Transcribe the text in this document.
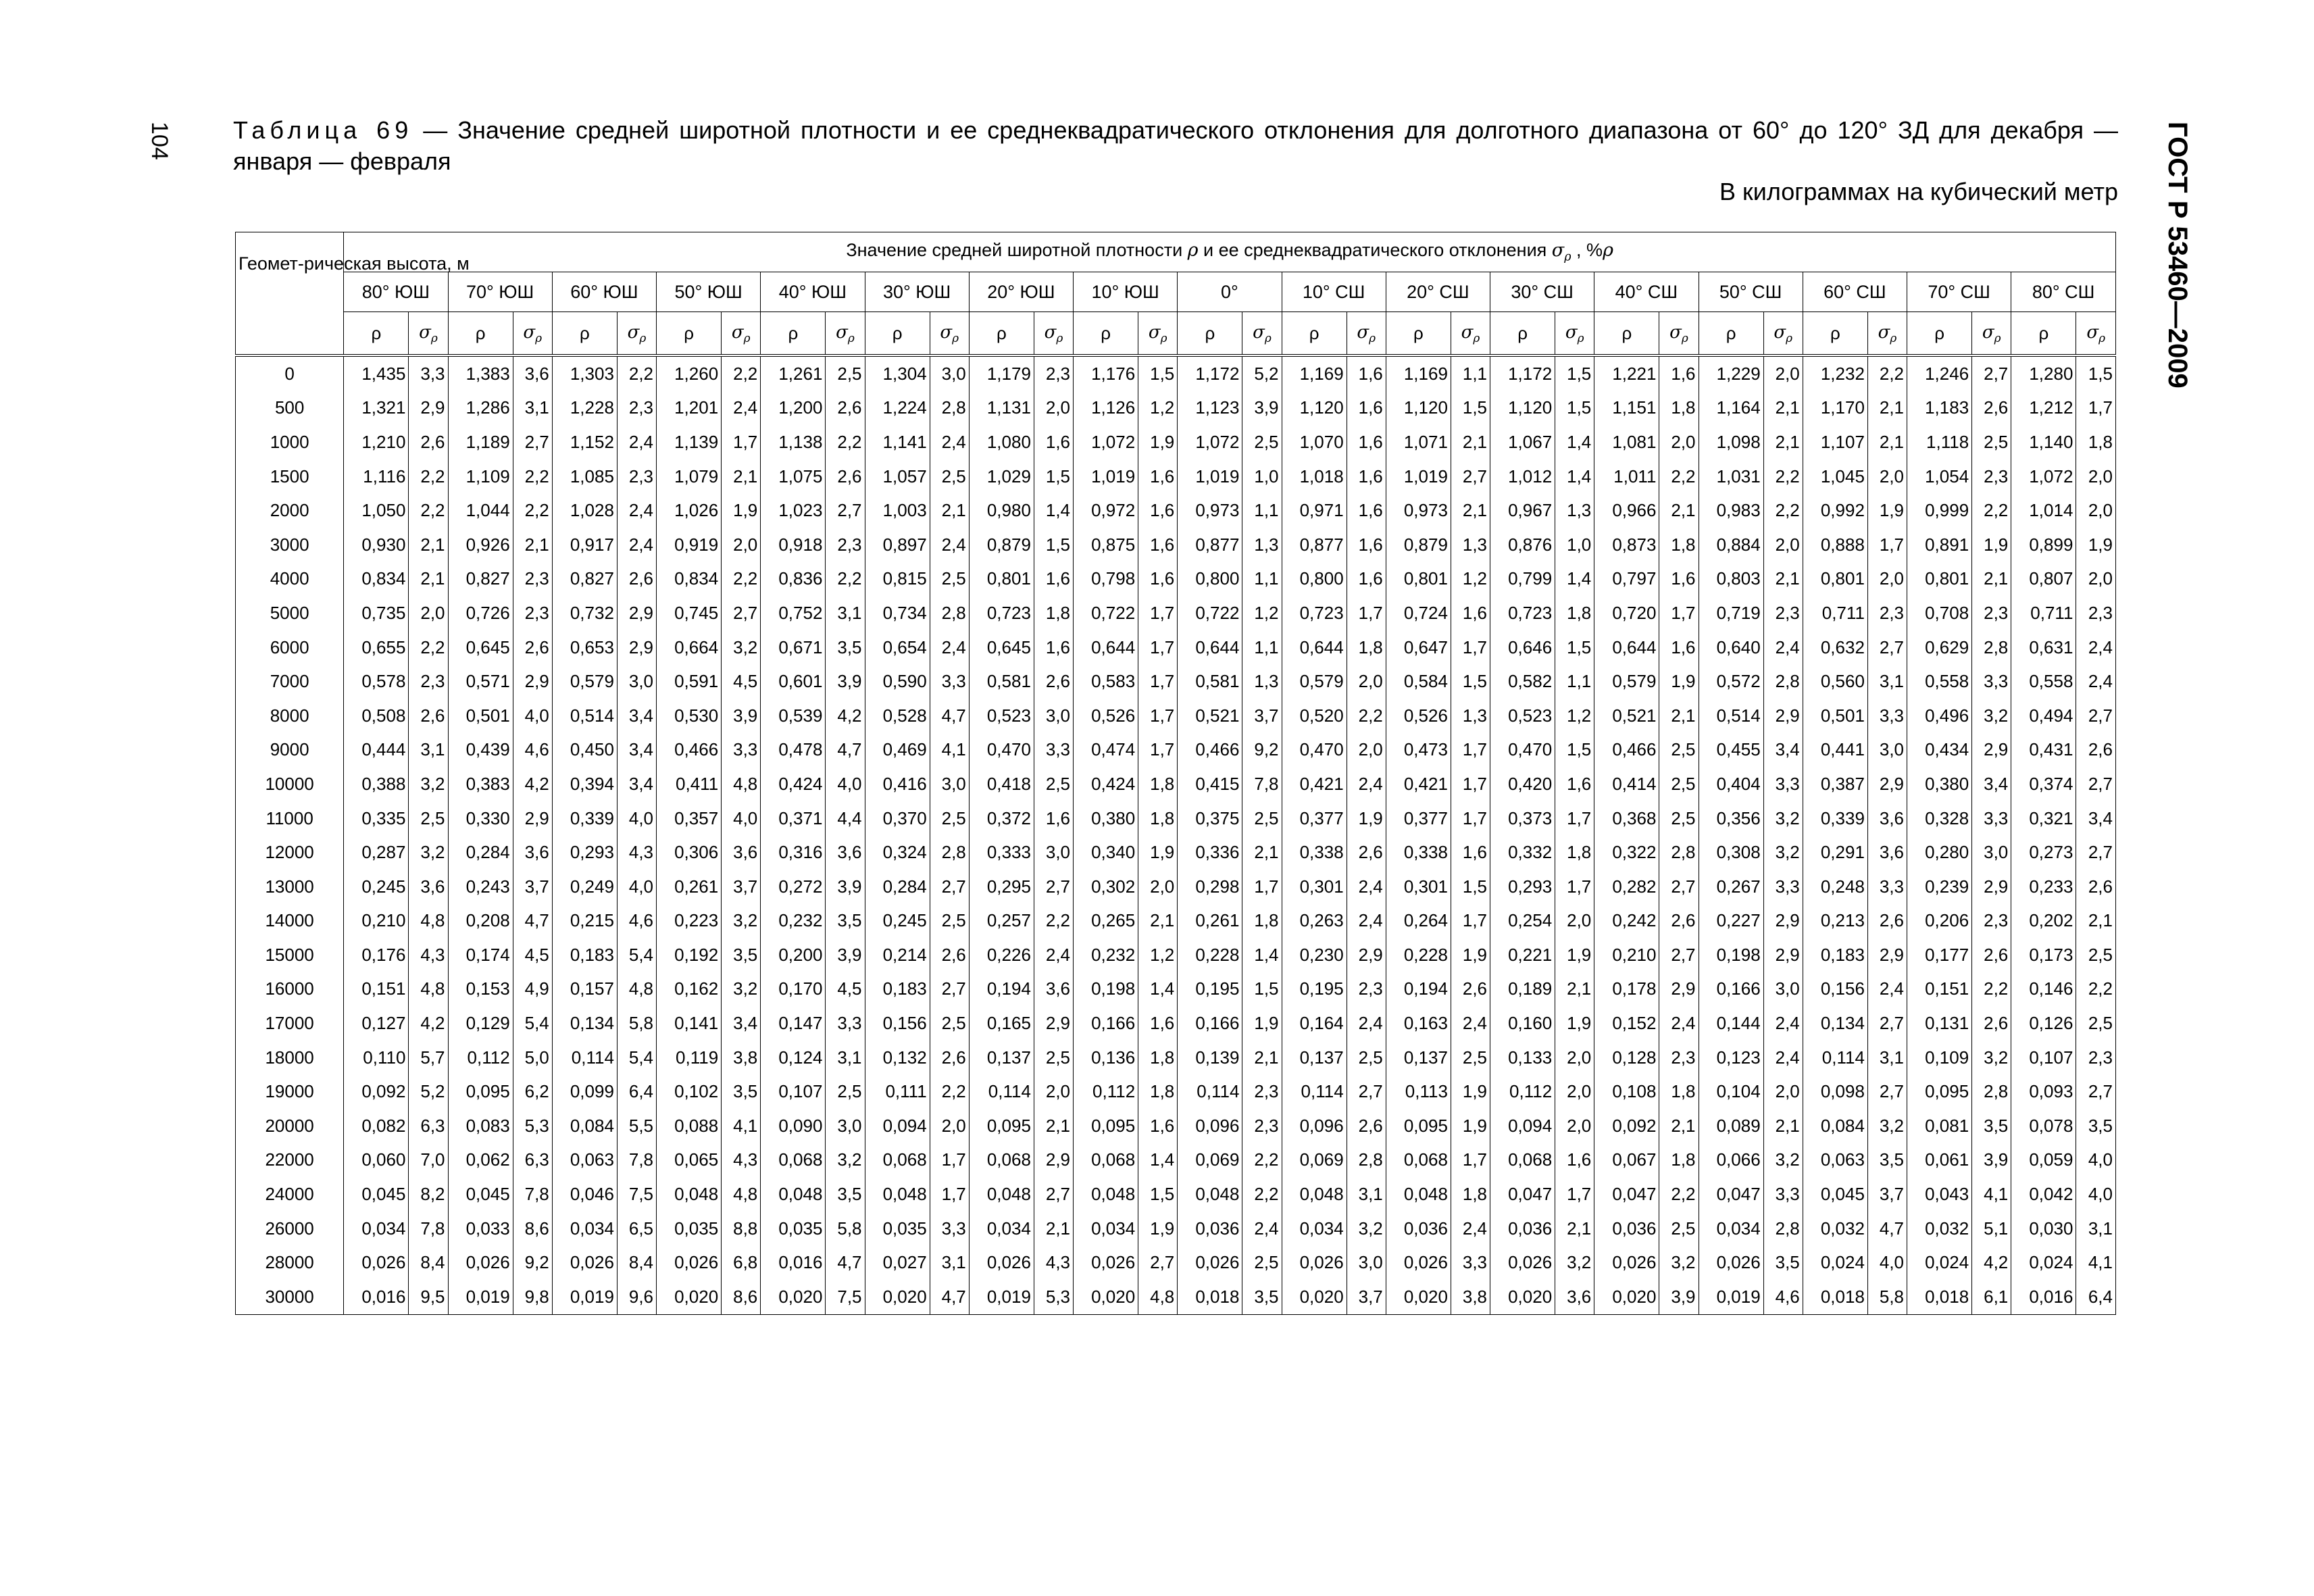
104	ГОСТ Р 53460—2009
Таблица 69 — Значение средней широтной плотности и ее среднеквадратического отклонения для долготного диапазона от 60° до 120° ЗД для декабря — января — февраля
В килограммах на кубический метр
Геомет-рическая высота, м	Значение средней широтной плотности ρ и ее среднеквадратического отклонения $\sigma_\rho$ , %ρ																																	
	80° ЮШ		70° ЮШ		60° ЮШ		50° ЮШ		40° ЮШ		30° ЮШ		20° ЮШ		10° ЮШ		0°		10° СШ		20° СШ		30° СШ		40° СШ		50° СШ		60° СШ		70° СШ		80° СШ	
	ρ	$\sigma_\rho$	ρ	$\sigma_\rho$	ρ	$\sigma_\rho$	ρ	$\sigma_\rho$	ρ	$\sigma_\rho$	ρ	$\sigma_\rho$	ρ	$\sigma_\rho$	ρ	$\sigma_\rho$	ρ	$\sigma_\rho$	ρ	$\sigma_\rho$	ρ	$\sigma_\rho$	ρ	$\sigma_\rho$	ρ	$\sigma_\rho$	ρ	$\sigma_\rho$	ρ	$\sigma_\rho$	ρ	$\sigma_\rho$	ρ	$\sigma_\rho$
0	1,435	3,3	1,383	3,6	1,303	2,2	1,260	2,2	1,261	2,5	1,304	3,0	1,179	2,3	1,176	1,5	1,172	5,2	1,169	1,6	1,169	1,1	1,172	1,5	1,221	1,6	1,229	2,0	1,232	2,2	1,246	2,7	1,280	1,5
500	1,321	2,9	1,286	3,1	1,228	2,3	1,201	2,4	1,200	2,6	1,224	2,8	1,131	2,0	1,126	1,2	1,123	3,9	1,120	1,6	1,120	1,5	1,120	1,5	1,151	1,8	1,164	2,1	1,170	2,1	1,183	2,6	1,212	1,7
1000	1,210	2,6	1,189	2,7	1,152	2,4	1,139	1,7	1,138	2,2	1,141	2,4	1,080	1,6	1,072	1,9	1,072	2,5	1,070	1,6	1,071	2,1	1,067	1,4	1,081	2,0	1,098	2,1	1,107	2,1	1,118	2,5	1,140	1,8
1500	1,116	2,2	1,109	2,2	1,085	2,3	1,079	2,1	1,075	2,6	1,057	2,5	1,029	1,5	1,019	1,6	1,019	1,0	1,018	1,6	1,019	2,7	1,012	1,4	1,011	2,2	1,031	2,2	1,045	2,0	1,054	2,3	1,072	2,0
2000	1,050	2,2	1,044	2,2	1,028	2,4	1,026	1,9	1,023	2,7	1,003	2,1	0,980	1,4	0,972	1,6	0,973	1,1	0,971	1,6	0,973	2,1	0,967	1,3	0,966	2,1	0,983	2,2	0,992	1,9	0,999	2,2	1,014	2,0
3000	0,930	2,1	0,926	2,1	0,917	2,4	0,919	2,0	0,918	2,3	0,897	2,4	0,879	1,5	0,875	1,6	0,877	1,3	0,877	1,6	0,879	1,3	0,876	1,0	0,873	1,8	0,884	2,0	0,888	1,7	0,891	1,9	0,899	1,9
4000	0,834	2,1	0,827	2,3	0,827	2,6	0,834	2,2	0,836	2,2	0,815	2,5	0,801	1,6	0,798	1,6	0,800	1,1	0,800	1,6	0,801	1,2	0,799	1,4	0,797	1,6	0,803	2,1	0,801	2,0	0,801	2,1	0,807	2,0
5000	0,735	2,0	0,726	2,3	0,732	2,9	0,745	2,7	0,752	3,1	0,734	2,8	0,723	1,8	0,722	1,7	0,722	1,2	0,723	1,7	0,724	1,6	0,723	1,8	0,720	1,7	0,719	2,3	0,711	2,3	0,708	2,3	0,711	2,3
6000	0,655	2,2	0,645	2,6	0,653	2,9	0,664	3,2	0,671	3,5	0,654	2,4	0,645	1,6	0,644	1,7	0,644	1,1	0,644	1,8	0,647	1,7	0,646	1,5	0,644	1,6	0,640	2,4	0,632	2,7	0,629	2,8	0,631	2,4
7000	0,578	2,3	0,571	2,9	0,579	3,0	0,591	4,5	0,601	3,9	0,590	3,3	0,581	2,6	0,583	1,7	0,581	1,3	0,579	2,0	0,584	1,5	0,582	1,1	0,579	1,9	0,572	2,8	0,560	3,1	0,558	3,3	0,558	2,4
8000	0,508	2,6	0,501	4,0	0,514	3,4	0,530	3,9	0,539	4,2	0,528	4,7	0,523	3,0	0,526	1,7	0,521	3,7	0,520	2,2	0,526	1,3	0,523	1,2	0,521	2,1	0,514	2,9	0,501	3,3	0,496	3,2	0,494	2,7
9000	0,444	3,1	0,439	4,6	0,450	3,4	0,466	3,3	0,478	4,7	0,469	4,1	0,470	3,3	0,474	1,7	0,466	9,2	0,470	2,0	0,473	1,7	0,470	1,5	0,466	2,5	0,455	3,4	0,441	3,0	0,434	2,9	0,431	2,6
10000	0,388	3,2	0,383	4,2	0,394	3,4	0,411	4,8	0,424	4,0	0,416	3,0	0,418	2,5	0,424	1,8	0,415	7,8	0,421	2,4	0,421	1,7	0,420	1,6	0,414	2,5	0,404	3,3	0,387	2,9	0,380	3,4	0,374	2,7
11000	0,335	2,5	0,330	2,9	0,339	4,0	0,357	4,0	0,371	4,4	0,370	2,5	0,372	1,6	0,380	1,8	0,375	2,5	0,377	1,9	0,377	1,7	0,373	1,7	0,368	2,5	0,356	3,2	0,339	3,6	0,328	3,3	0,321	3,4
12000	0,287	3,2	0,284	3,6	0,293	4,3	0,306	3,6	0,316	3,6	0,324	2,8	0,333	3,0	0,340	1,9	0,336	2,1	0,338	2,6	0,338	1,6	0,332	1,8	0,322	2,8	0,308	3,2	0,291	3,6	0,280	3,0	0,273	2,7
13000	0,245	3,6	0,243	3,7	0,249	4,0	0,261	3,7	0,272	3,9	0,284	2,7	0,295	2,7	0,302	2,0	0,298	1,7	0,301	2,4	0,301	1,5	0,293	1,7	0,282	2,7	0,267	3,3	0,248	3,3	0,239	2,9	0,233	2,6
14000	0,210	4,8	0,208	4,7	0,215	4,6	0,223	3,2	0,232	3,5	0,245	2,5	0,257	2,2	0,265	2,1	0,261	1,8	0,263	2,4	0,264	1,7	0,254	2,0	0,242	2,6	0,227	2,9	0,213	2,6	0,206	2,3	0,202	2,1
15000	0,176	4,3	0,174	4,5	0,183	5,4	0,192	3,5	0,200	3,9	0,214	2,6	0,226	2,4	0,232	1,2	0,228	1,4	0,230	2,9	0,228	1,9	0,221	1,9	0,210	2,7	0,198	2,9	0,183	2,9	0,177	2,6	0,173	2,5
16000	0,151	4,8	0,153	4,9	0,157	4,8	0,162	3,2	0,170	4,5	0,183	2,7	0,194	3,6	0,198	1,4	0,195	1,5	0,195	2,3	0,194	2,6	0,189	2,1	0,178	2,9	0,166	3,0	0,156	2,4	0,151	2,2	0,146	2,2
17000	0,127	4,2	0,129	5,4	0,134	5,8	0,141	3,4	0,147	3,3	0,156	2,5	0,165	2,9	0,166	1,6	0,166	1,9	0,164	2,4	0,163	2,4	0,160	1,9	0,152	2,4	0,144	2,4	0,134	2,7	0,131	2,6	0,126	2,5
18000	0,110	5,7	0,112	5,0	0,114	5,4	0,119	3,8	0,124	3,1	0,132	2,6	0,137	2,5	0,136	1,8	0,139	2,1	0,137	2,5	0,137	2,5	0,133	2,0	0,128	2,3	0,123	2,4	0,114	3,1	0,109	3,2	0,107	2,3
19000	0,092	5,2	0,095	6,2	0,099	6,4	0,102	3,5	0,107	2,5	0,111	2,2	0,114	2,0	0,112	1,8	0,114	2,3	0,114	2,7	0,113	1,9	0,112	2,0	0,108	1,8	0,104	2,0	0,098	2,7	0,095	2,8	0,093	2,7
20000	0,082	6,3	0,083	5,3	0,084	5,5	0,088	4,1	0,090	3,0	0,094	2,0	0,095	2,1	0,095	1,6	0,096	2,3	0,096	2,6	0,095	1,9	0,094	2,0	0,092	2,1	0,089	2,1	0,084	3,2	0,081	3,5	0,078	3,5
22000	0,060	7,0	0,062	6,3	0,063	7,8	0,065	4,3	0,068	3,2	0,068	1,7	0,068	2,9	0,068	1,4	0,069	2,2	0,069	2,8	0,068	1,7	0,068	1,6	0,067	1,8	0,066	3,2	0,063	3,5	0,061	3,9	0,059	4,0
24000	0,045	8,2	0,045	7,8	0,046	7,5	0,048	4,8	0,048	3,5	0,048	1,7	0,048	2,7	0,048	1,5	0,048	2,2	0,048	3,1	0,048	1,8	0,047	1,7	0,047	2,2	0,047	3,3	0,045	3,7	0,043	4,1	0,042	4,0
26000	0,034	7,8	0,033	8,6	0,034	6,5	0,035	8,8	0,035	5,8	0,035	3,3	0,034	2,1	0,034	1,9	0,036	2,4	0,034	3,2	0,036	2,4	0,036	2,1	0,036	2,5	0,034	2,8	0,032	4,7	0,032	5,1	0,030	3,1
28000	0,026	8,4	0,026	9,2	0,026	8,4	0,026	6,8	0,016	4,7	0,027	3,1	0,026	4,3	0,026	2,7	0,026	2,5	0,026	3,0	0,026	3,3	0,026	3,2	0,026	3,2	0,026	3,5	0,024	4,0	0,024	4,2	0,024	4,1
30000	0,016	9,5	0,019	9,8	0,019	9,6	0,020	8,6	0,020	7,5	0,020	4,7	0,019	5,3	0,020	4,8	0,018	3,5	0,020	3,7	0,020	3,8	0,020	3,6	0,020	3,9	0,019	4,6	0,018	5,8	0,018	6,1	0,016	6,4
